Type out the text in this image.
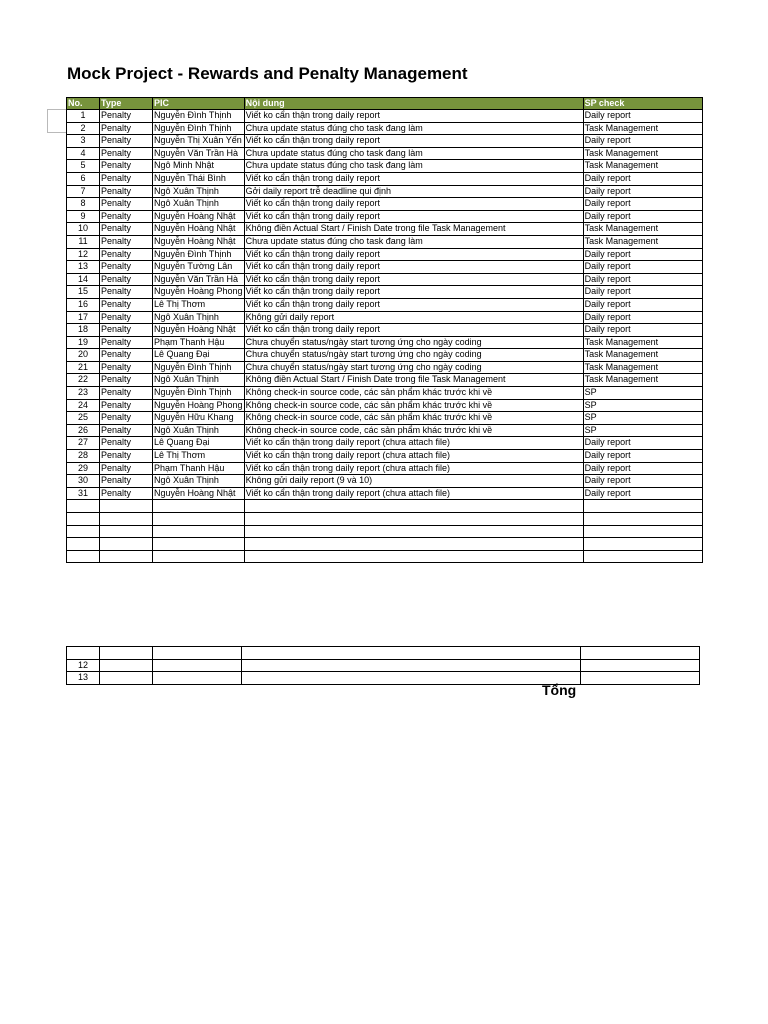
Mock Project - Rewards and Penalty Management
No.	Type	PIC	Nội dung	SP check
1	Penalty	Nguyễn Đình Thịnh	Viết ko cẩn thận trong daily report	Daily report
2	Penalty	Nguyễn Đình Thịnh	Chưa update status đúng cho task đang làm	Task Management
3	Penalty	Nguyễn Thị Xuân Yến	Viết ko cẩn thận trong daily report	Daily report
4	Penalty	Nguyễn Văn Trần Hà	Chưa update status đúng cho task đang làm	Task Management
5	Penalty	Ngô Minh Nhật	Chưa update status đúng cho task đang làm	Task Management
6	Penalty	Nguyễn Thái Bình	Viết ko cẩn thận trong daily report	Daily report
7	Penalty	Ngô Xuân Thịnh	Gởi daily report trễ deadline qui định	Daily report
8	Penalty	Ngô Xuân Thịnh	Viết ko cẩn thận trong daily report	Daily report
9	Penalty	Nguyễn Hoàng Nhật	Viết ko cẩn thận trong daily report	Daily report
10	Penalty	Nguyễn Hoàng Nhật	Không điền Actual Start / Finish Date trong file Task Management	Task Management
11	Penalty	Nguyễn Hoàng Nhật	Chưa update status đúng cho task đang làm	Task Management
12	Penalty	Nguyễn Đình Thịnh	Viết ko cẩn thận trong daily report	Daily report
13	Penalty	Nguyễn Tường Lân	Viết ko cẩn thận trong daily report	Daily report
14	Penalty	Nguyễn Văn Trần Hà	Viết ko cẩn thận trong daily report	Daily report
15	Penalty	Nguyễn Hoàng Phong	Viết ko cẩn thận trong daily report	Daily report
16	Penalty	Lê Thị Thơm	Viết ko cẩn thận trong daily report	Daily report
17	Penalty	Ngô Xuân Thịnh	Không gửi daily report	Daily report
18	Penalty	Nguyễn Hoàng Nhật	Viết ko cẩn thận trong daily report	Daily report
19	Penalty	Phạm Thanh Hậu	Chưa chuyển status/ngày start tương ứng cho ngày coding	Task Management
20	Penalty	Lê Quang Đại	Chưa chuyển status/ngày start tương ứng cho ngày coding	Task Management
21	Penalty	Nguyễn Đình Thịnh	Chưa chuyển status/ngày start tương ứng cho ngày coding	Task Management
22	Penalty	Ngô Xuân Thịnh	Không điền Actual Start / Finish Date trong file Task Management	Task Management
23	Penalty	Nguyễn Đình Thịnh	Không check-in source code, các sản phẩm khác trước khi về	SP
24	Penalty	Nguyễn Hoàng Phong	Không check-in source code, các sản phẩm khác trước khi về	SP
25	Penalty	Nguyễn Hữu Khang	Không check-in source code, các sản phẩm khác trước khi về	SP
26	Penalty	Ngô Xuân Thịnh	Không check-in source code, các sản phẩm khác trước khi về	SP
27	Penalty	Lê Quang Đại	Viết ko cẩn thận trong daily report (chưa attach file)	Daily report
28	Penalty	Lê Thị Thơm	Viết ko cẩn thận trong daily report (chưa attach file)	Daily report
29	Penalty	Phạm Thanh Hậu	Viết ko cẩn thận trong daily report (chưa attach file)	Daily report
30	Penalty	Ngô Xuân Thịnh	Không gửi daily report (9 và 10)	Daily report
31	Penalty	Nguyễn Hoàng Nhật	Viết ko cẩn thận trong daily report (chưa attach file)	Daily report

12				
13				
Tổng
